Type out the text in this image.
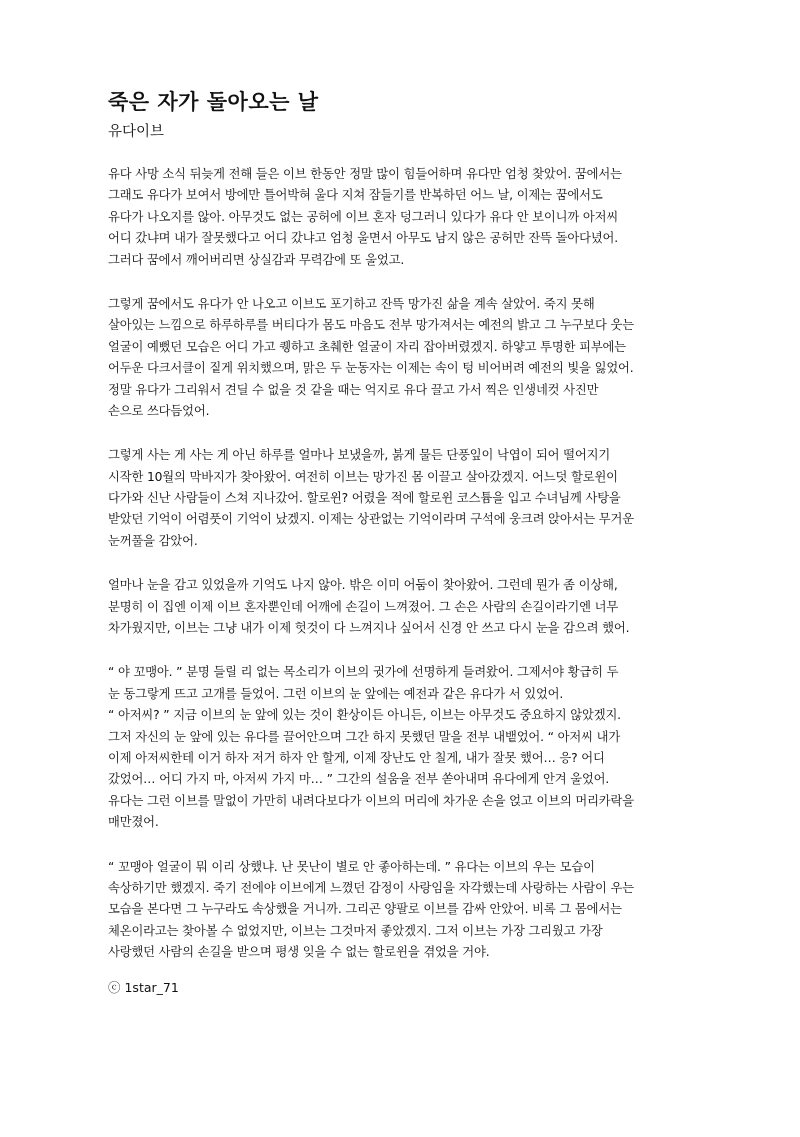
죽은 자가 돌아오는 날
유다이브
유다 사망 소식 뒤늦게 전해 들은 이브 한동안 정말 많이 힘들어하며 유다만 엄청 찾았어. 꿈에서는
그래도 유다가 보여서 방에만 틀어박혀 울다 지쳐 잠들기를 반복하던 어느 날, 이제는 꿈에서도
유다가 나오지를 않아. 아무것도 없는 공허에 이브 혼자 덩그러니 있다가 유다 안 보이니까 아저씨
어디 갔냐며 내가 잘못했다고 어디 갔냐고 엄청 울면서 아무도 남지 않은 공허만 잔뜩 돌아다녔어.
그러다 꿈에서 깨어버리면 상실감과 무력감에 또 울었고.
그렇게 꿈에서도 유다가 안 나오고 이브도 포기하고 잔뜩 망가진 삶을 계속 살았어. 죽지 못해
살아있는 느낌으로 하루하루를 버티다가 몸도 마음도 전부 망가져서는 예전의 밝고 그 누구보다 웃는
얼굴이 예뻤던 모습은 어디 가고 퀭하고 초췌한 얼굴이 자리 잡아버렸겠지. 하얗고 투명한 피부에는
어두운 다크서클이 짙게 위치했으며, 맑은 두 눈동자는 이제는 속이 텅 비어버려 예전의 빛을 잃었어.
정말 유다가 그리워서 견딜 수 없을 것 같을 때는 억지로 유다 끌고 가서 찍은 인생네컷 사진만
손으로 쓰다듬었어.
그렇게 사는 게 사는 게 아닌 하루를 얼마나 보냈을까, 붉게 물든 단풍잎이 낙엽이 되어 떨어지기
시작한 10월의 막바지가 찾아왔어. 여전히 이브는 망가진 몸 이끌고 살아갔겠지. 어느덧 할로윈이
다가와 신난 사람들이 스쳐 지나갔어. 할로윈? 어렸을 적에 할로윈 코스튬을 입고 수녀님께 사탕을
받았던 기억이 어렴풋이 기억이 났겠지. 이제는 상관없는 기억이라며 구석에 웅크려 앉아서는 무거운
눈꺼풀을 감았어.
얼마나 눈을 감고 있었을까 기억도 나지 않아. 밖은 이미 어둠이 찾아왔어. 그런데 뭔가 좀 이상해,
분명히 이 집엔 이제 이브 혼자뿐인데 어깨에 손길이 느껴졌어. 그 손은 사람의 손길이라기엔 너무
차가웠지만, 이브는 그냥 내가 이제 헛것이 다 느껴지나 싶어서 신경 안 쓰고 다시 눈을 감으려 했어.
“ 야 꼬맹아. ” 분명 들릴 리 없는 목소리가 이브의 귓가에 선명하게 들려왔어. 그제서야 황급히 두
눈 동그랗게 뜨고 고개를 들었어. 그런 이브의 눈 앞에는 예전과 같은 유다가 서 있었어.
“ 아저씨? ” 지금 이브의 눈 앞에 있는 것이 환상이든 아니든, 이브는 아무것도 중요하지 않았겠지.
그저 자신의 눈 앞에 있는 유다를 끌어안으며 그간 하지 못했던 말을 전부 내뱉었어. “ 아저씨 내가
이제 아저씨한테 이거 하자 저거 하자 안 할게, 이제 장난도 안 칠게, 내가 잘못 했어… 응? 어디
갔었어… 어디 가지 마, 아저씨 가지 마… ” 그간의 설움을 전부 쏟아내며 유다에게 안겨 울었어.
유다는 그런 이브를 말없이 가만히 내려다보다가 이브의 머리에 차가운 손을 얹고 이브의 머리카락을
매만졌어.
“ 꼬맹아 얼굴이 뭐 이리 상했냐. 난 못난이 별로 안 좋아하는데. ” 유다는 이브의 우는 모습이
속상하기만 했겠지. 죽기 전에야 이브에게 느꼈던 감정이 사랑임을 자각했는데 사랑하는 사람이 우는
모습을 본다면 그 누구라도 속상했을 거니까. 그리곤 양팔로 이브를 감싸 안았어. 비록 그 몸에서는
체온이라고는 찾아볼 수 없었지만, 이브는 그것마저 좋았겠지. 그저 이브는 가장 그리웠고 가장
사랑했던 사람의 손길을 받으며 평생 잊을 수 없는 할로윈을 겪었을 거야.
ⓒ 1star_71
